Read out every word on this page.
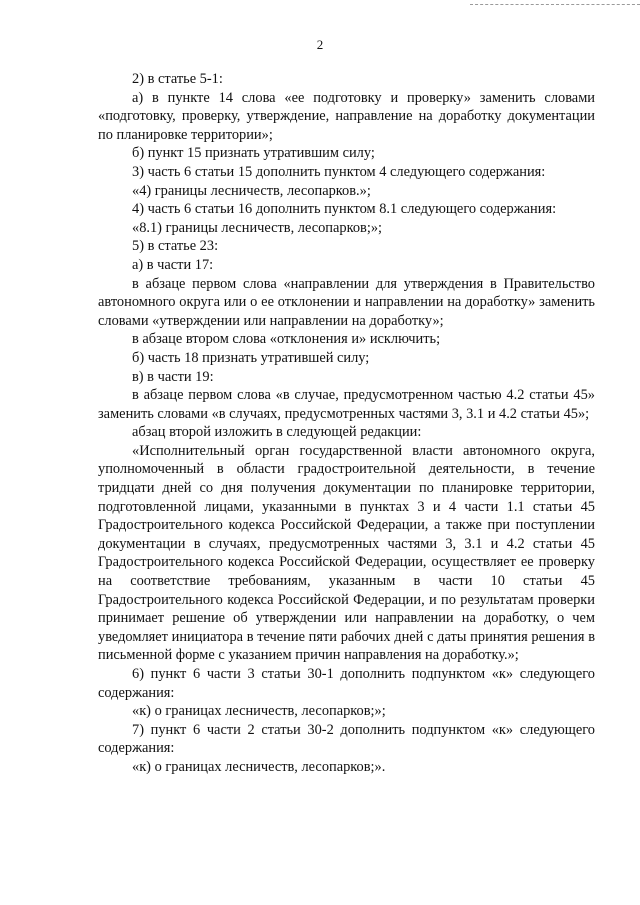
2

2) в статье 5-1:

а) в пункте 14 слова «ее подготовку и проверку» заменить словами «подготовку, проверку, утверждение, направление на доработку документации по планировке территории»;

б) пункт 15 признать утратившим силу;

3) часть 6 статьи 15 дополнить пунктом 4 следующего содержания:

«4) границы лесничеств, лесопарков.»;

4) часть 6 статьи 16 дополнить пунктом 8.1 следующего содержания:

«8.1) границы лесничеств, лесопарков;»;

5) в статье 23:

а) в части 17:

в абзаце первом слова «направлении для утверждения в Правительство автономного округа или о ее отклонении и направлении на доработку» заменить словами «утверждении или направлении на доработку»;

в абзаце втором слова «отклонения и» исключить;

б) часть 18 признать утратившей силу;

в) в части 19:

в абзаце первом слова «в случае, предусмотренном частью 4.2 статьи 45» заменить словами «в случаях, предусмотренных частями 3, 3.1 и 4.2 статьи 45»;

абзац второй изложить в следующей редакции:

«Исполнительный орган государственной власти автономного округа, уполномоченный в области градостроительной деятельности, в течение тридцати дней со дня получения документации по планировке территории, подготовленной лицами, указанными в пунктах 3 и 4 части 1.1 статьи 45 Градостроительного кодекса Российской Федерации, а также при поступлении документации в случаях, предусмотренных частями 3, 3.1 и 4.2 статьи 45 Градостроительного кодекса Российской Федерации, осуществляет ее проверку на соответствие требованиям, указанным в части 10 статьи 45 Градостроительного кодекса Российской Федерации, и по результатам проверки принимает решение об утверждении или направлении на доработку, о чем уведомляет инициатора в течение пяти рабочих дней с даты принятия решения в письменной форме с указанием причин направления на доработку.»;

6) пункт 6 части 3 статьи 30-1 дополнить подпунктом «к» следующего содержания:

«к) о границах лесничеств, лесопарков;»;

7) пункт 6 части 2 статьи 30-2 дополнить подпунктом «к» следующего содержания:

«к) о границах лесничеств, лесопарков;».
